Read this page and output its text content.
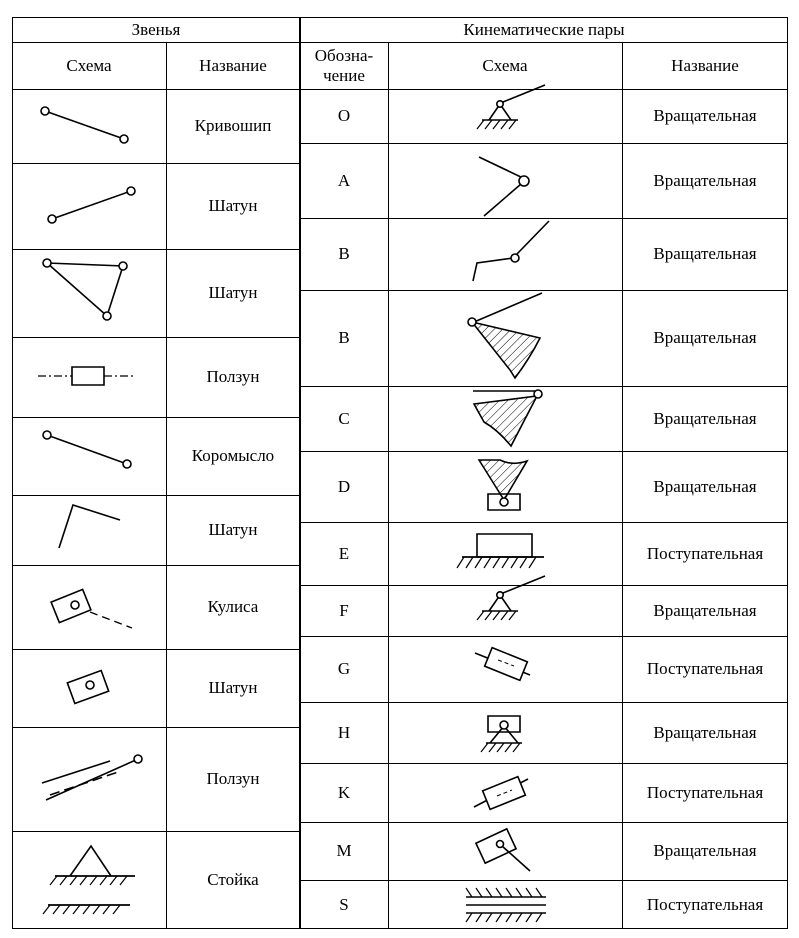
Звенья
Схема	Название
Кинематические пары
Обозна-
чение
Схема	Название
Кривошип
Шатун
Шатун
Ползун
Коромысло
Шатун
Кулиса
Шатун
Ползун
Стойка
O	Вращательная
A	Вращательная
B	Вращательная
B	Вращательная
C	Вращательная
D	Вращательная
E	Поступательная
F	Вращательная
G	Поступательная
H	Вращательная
K	Поступательная
M	Вращательная
S	Поступательная
